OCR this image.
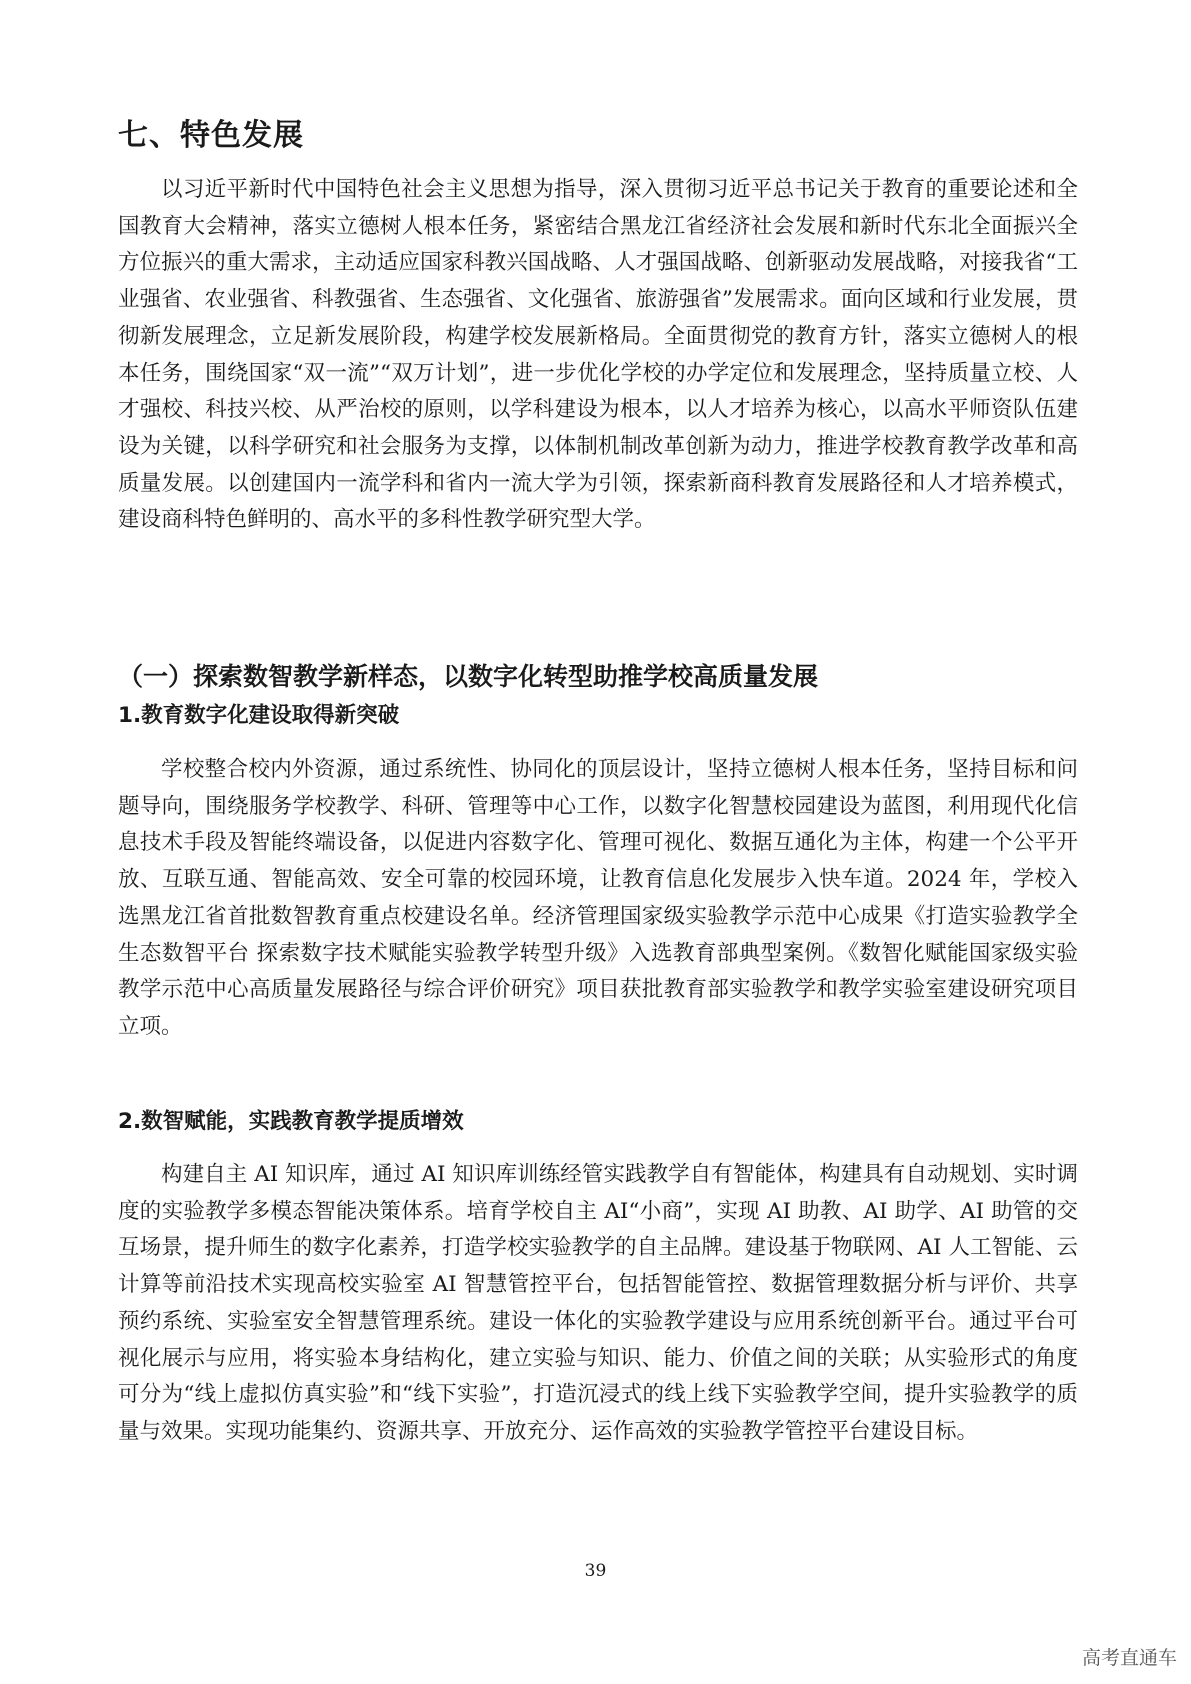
七、特色发展

以习近平新时代中国特色社会主义思想为指导，深入贯彻习近平总书记关于教育的重要论述和全国教育大会精神，落实立德树人根本任务，紧密结合黑龙江省经济社会发展和新时代东北全面振兴全方位振兴的重大需求，主动适应国家科教兴国战略、人才强国战略、创新驱动发展战略，对接我省“工业强省、农业强省、科教强省、生态强省、文化强省、旅游强省”发展需求。面向区域和行业发展，贯彻新发展理念，立足新发展阶段，构建学校发展新格局。全面贯彻党的教育方针，落实立德树人的根本任务，围绕国家“双一流”“双万计划”，进一步优化学校的办学定位和发展理念，坚持质量立校、人才强校、科技兴校、从严治校的原则，以学科建设为根本，以人才培养为核心，以高水平师资队伍建设为关键，以科学研究和社会服务为支撑，以体制机制改革创新为动力，推进学校教育教学改革和高质量发展。以创建国内一流学科和省内一流大学为引领，探索新商科教育发展路径和人才培养模式，建设商科特色鲜明的、高水平的多科性教学研究型大学。

（一）探索数智教学新样态，以数字化转型助推学校高质量发展
1.教育数字化建设取得新突破

学校整合校内外资源，通过系统性、协同化的顶层设计，坚持立德树人根本任务，坚持目标和问题导向，围绕服务学校教学、科研、管理等中心工作，以数字化智慧校园建设为蓝图，利用现代化信息技术手段及智能终端设备，以促进内容数字化、管理可视化、数据互通化为主体，构建一个公平开放、互联互通、智能高效、安全可靠的校园环境，让教育信息化发展步入快车道。2024 年，学校入选黑龙江省首批数智教育重点校建设名单。经济管理国家级实验教学示范中心成果《打造实验教学全生态数智平台 探索数字技术赋能实验教学转型升级》入选教育部典型案例。《数智化赋能国家级实验教学示范中心高质量发展路径与综合评价研究》项目获批教育部实验教学和教学实验室建设研究项目立项。

2.数智赋能，实践教育教学提质增效

构建自主 AI 知识库，通过 AI 知识库训练经管实践教学自有智能体，构建具有自动规划、实时调度的实验教学多模态智能决策体系。培育学校自主 AI“小商”，实现 AI 助教、AI 助学、AI 助管的交互场景，提升师生的数字化素养，打造学校实验教学的自主品牌。建设基于物联网、AI 人工智能、云计算等前沿技术实现高校实验室 AI 智慧管控平台，包括智能管控、数据管理数据分析与评价、共享预约系统、实验室安全智慧管理系统。建设一体化的实验教学建设与应用系统创新平台。通过平台可视化展示与应用，将实验本身结构化，建立实验与知识、能力、价值之间的关联；从实验形式的角度可分为“线上虚拟仿真实验”和“线下实验”，打造沉浸式的线上线下实验教学空间，提升实验教学的质量与效果。实现功能集约、资源共享、开放充分、运作高效的实验教学管控平台建设目标。

39
高考直通车
